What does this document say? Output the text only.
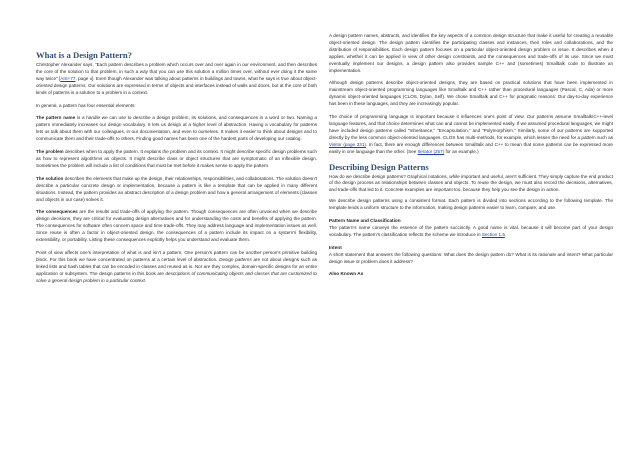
What is a Design Pattern?

Christopher Alexander says, "Each pattern describes a problem which occurs over and over again in our environment, and then describes the core of the solution to that problem, in such a way that you can use this solution a million times over, without ever doing it the same way twice" [AIS+77, page x]. Even though Alexander was talking about patterns in buildings and towns, what he says is true about object-oriented design patterns. Our solutions are expressed in terms of objects and interfaces instead of walls and doors, but at the core of both kinds of patterns is a solution to a problem in a context.

In general, a pattern has four essential elements:

The pattern name is a handle we can use to describe a design problem, its solutions, and consequences in a word or two. Naming a pattern immediately increases our design vocabulary. It lets us design at a higher level of abstraction. Having a vocabulary for patterns lets us talk about them with our colleagues, in our documentation, and even to ourselves. It makes it easier to think about designs and to communicate them and their trade-offs to others. Finding good names has been one of the hardest parts of developing our catalog.

The problem describes when to apply the pattern. It explains the problem and its context. It might describe specific design problems such as how to represent algorithms as objects. It might describe class or object structures that are symptomatic of an inflexible design. Sometimes the problem will include a list of conditions that must be met before it makes sense to apply the pattern.

The solution describes the elements that make up the design, their relationships, responsibilities, and collaborations. The solution doesn't describe a particular concrete design or implementation, because a pattern is like a template that can be applied in many different situations. Instead, the pattern provides an abstract description of a design problem and how a general arrangement of elements (classes and objects in our case) solves it.

The consequences are the results and trade-offs of applying the pattern. Though consequences are often unvoiced when we describe design decisions, they are critical for evaluating design alternatives and for understanding the costs and benefits of applying the pattern. The consequences for software often concern space and time trade-offs. They may address language and implementation issues as well. Since reuse is often a factor in object-oriented design, the consequences of a pattern include its impact on a system's flexibility, extensibility, or portability. Listing these consequences explicitly helps you understand and evaluate them.

Point of view affects one's interpretation of what is and isn't a pattern. One person's pattern can be another person's primitive building block. For this book we have concentrated on patterns at a certain level of abstraction. Design patterns are not about designs such as linked lists and hash tables that can be encoded in classes and reused as is. Nor are they complex, domain-specific designs for an entire application or subsystem. The design patterns in this book are descriptions of communicating objects and classes that are customized to solve a general design problem in a particular context.

A design pattern names, abstracts, and identifies the key aspects of a common design structure that make it useful for creating a reusable object-oriented design. The design pattern identifies the participating classes and instances, their roles and collaborations, and the distribution of responsibilities. Each design pattern focuses on a particular object-oriented design problem or issue. It describes when it applies, whether it can be applied in view of other design constraints, and the consequences and trade-offs of its use. Since we must eventually implement our designs, a design pattern also provides sample C++ and (sometimes) Smalltalk code to illustrate an implementation.

Although design patterns describe object-oriented designs, they are based on practical solutions that have been implemented in mainstream object-oriented programming languages like Smalltalk and C++ rather than procedural languages (Pascal, C, Ada) or more dynamic object-oriented languages (CLOS, Dylan, Self). We chose Smalltalk and C++ for pragmatic reasons: Our day-to-day experience has been in these languages, and they are increasingly popular.

The choice of programming language is important because it influences one's point of view. Our patterns assume Smalltalk/C++-level language features, and that choice determines what can and cannot be implemented easily. If we assumed procedural languages, we might have included design patterns called "Inheritance," "Encapsulation," and "Polymorphism." Similarly, some of our patterns are supported directly by the less common object-oriented languages. CLOS has multi-methods, for example, which lessen the need for a pattern such as Visitor (page 331). In fact, there are enough differences between Smalltalk and C++ to mean that some patterns can be expressed more easily in one language than the other. (See Iterator (257) for an example.)

Describing Design Patterns

How do we describe design patterns? Graphical notations, while important and useful, aren't sufficient. They simply capture the end product of the design process as relationships between classes and objects. To reuse the design, we must also record the decisions, alternatives, and trade-offs that led to it. Concrete examples are important too, because they help you see the design in action.

We describe design patterns using a consistent format. Each pattern is divided into sections according to the following template. The template lends a uniform structure to the information, making design patterns easier to learn, compare, and use.

Pattern Name and Classification

The pattern's name conveys the essence of the pattern succinctly. A good name is vital, because it will become part of your design vocabulary. The pattern's classification reflects the scheme we introduce in Section 1.5.

Intent

A short statement that answers the following questions: What does the design pattern do? What is its rationale and intent? What particular design issue or problem does it address?

Also Known As
